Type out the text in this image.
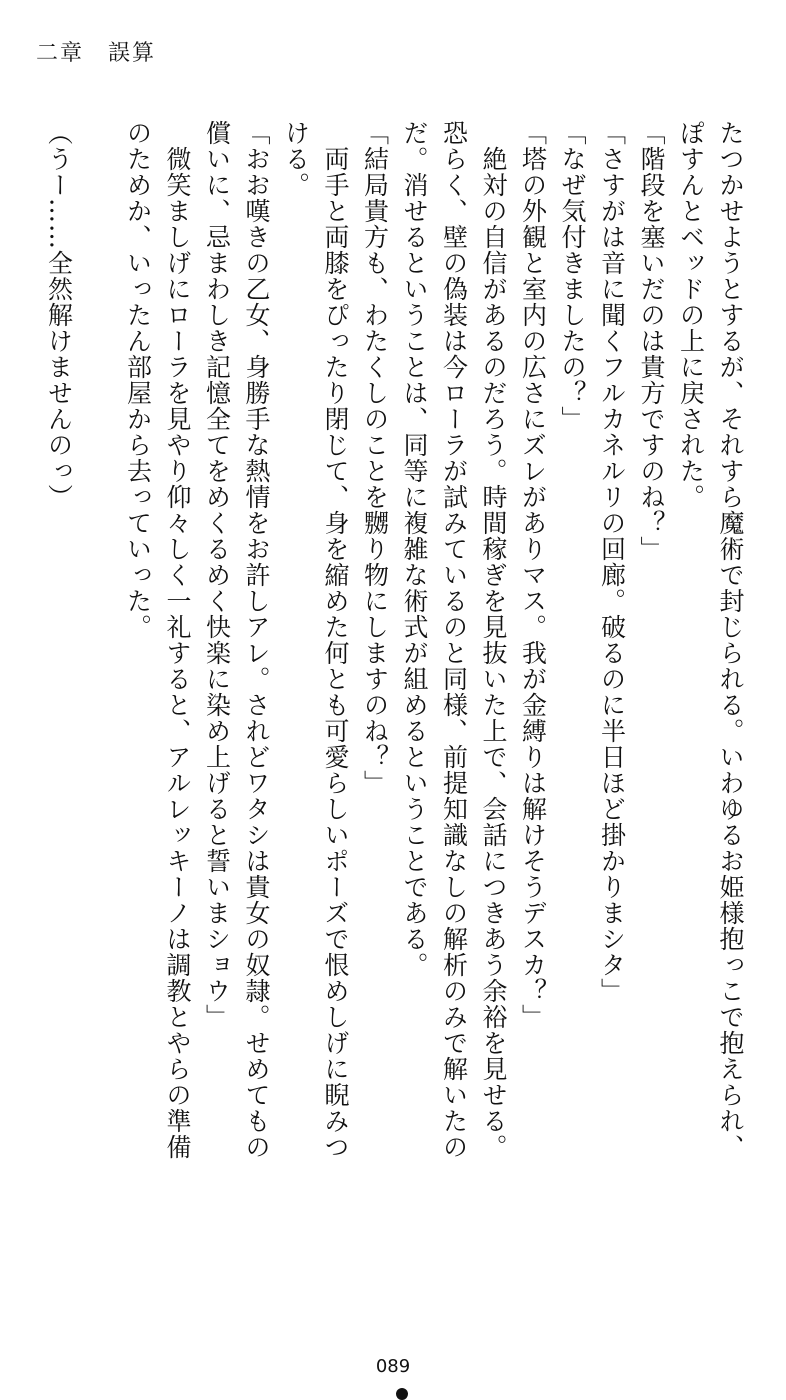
二章　誤算
たつかせようとするが、それすら魔術で封じられる。いわゆるお姫様抱っこで抱えられ、
ぽすんとベッドの上に戻された。
「階段を塞いだのは貴方ですのね？」
「さすがは音に聞くフルカネルリの回廊。破るのに半日ほど掛かりまシタ」
「なぜ気付きましたの？」
「塔の外観と室内の広さにズレがありマス。我が金縛りは解けそうデスカ？」
　絶対の自信があるのだろう。時間稼ぎを見抜いた上で、会話につきあう余裕を見せる。
恐らく、壁の偽装は今ローラが試みているのと同様、前提知識なしの解析のみで解いたの
だ。消せるということは、同等に複雑な術式が組めるということである。
「結局貴方も、わたくしのことを嬲り物にしますのね？」
　両手と両膝をぴったり閉じて、身を縮めた何とも可愛らしいポーズで恨めしげに睨みつ
ける。
「おお嘆きの乙女、身勝手な熱情をお許しアレ。されどワタシは貴女の奴隷。せめてもの
償いに、忌まわしき記憶全てをめくるめく快楽に染め上げると誓いまショウ」
　微笑ましげにローラを見やり仰々しく一礼すると、アルレッキーノは調教とやらの準備
のためか、いったん部屋から去っていった。
（うー……全然解けませんのっ）
089
